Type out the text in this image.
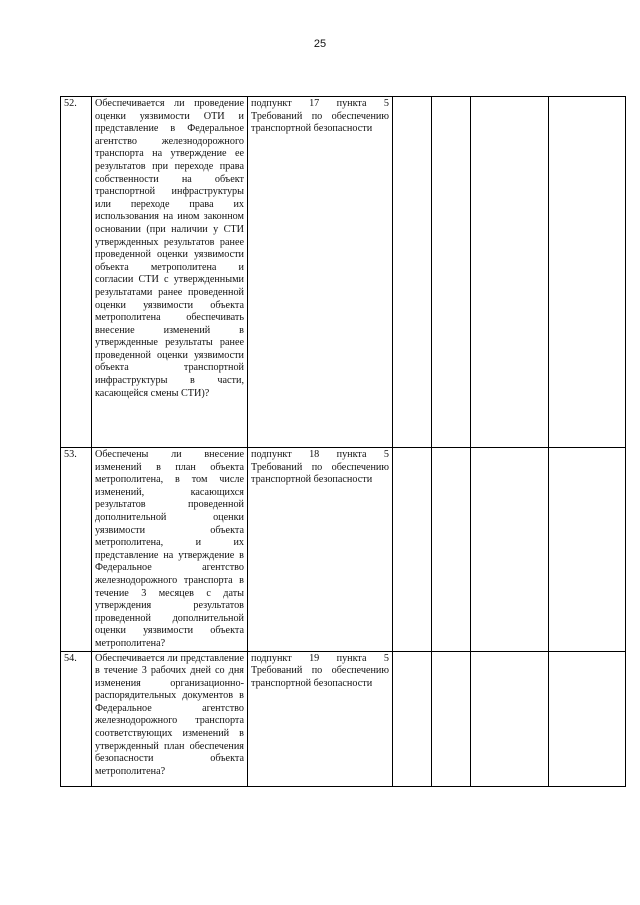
25
52.	Обеспечивается ли проведение оценки уязвимости ОТИ и представление в Федеральное агентство железнодорожного транспорта на утверждение ее результатов при переходе права собственности на объект транспортной инфраструктуры или переходе права их использования на ином законном основании (при наличии у СТИ утвержденных результатов ранее проведенной оценки уязвимости объекта метрополитена и согласии СТИ с утвержденными результатами ранее проведенной оценки уязвимости объекта метрополитена обеспечивать внесение изменений в утвержденные результаты ранее проведенной оценки уязвимости объекта транспортной инфраструктуры в части, касающейся смены СТИ)?	подпункт 17 пункта 5 Требований по обеспечению транспортной безопасности				
53.	Обеспечены ли внесение изменений в план объекта метрополитена, в том числе изменений, касающихся результатов проведенной дополнительной оценки уязвимости объекта метрополитена, и их представление на утверждение в Федеральное агентство железнодорожного транспорта в течение 3 месяцев с даты утверждения результатов проведенной дополнительной оценки уязвимости объекта метрополитена?	подпункт 18 пункта 5 Требований по обеспечению транспортной безопасности				
54.	Обеспечивается ли представление в течение 3 рабочих дней со дня изменения организационно-распорядительных документов в Федеральное агентство железнодорожного транспорта соответствующих изменений в утвержденный план обеспечения безопасности объекта метрополитена?	подпункт 19 пункта 5 Требований по обеспечению транспортной безопасности				
